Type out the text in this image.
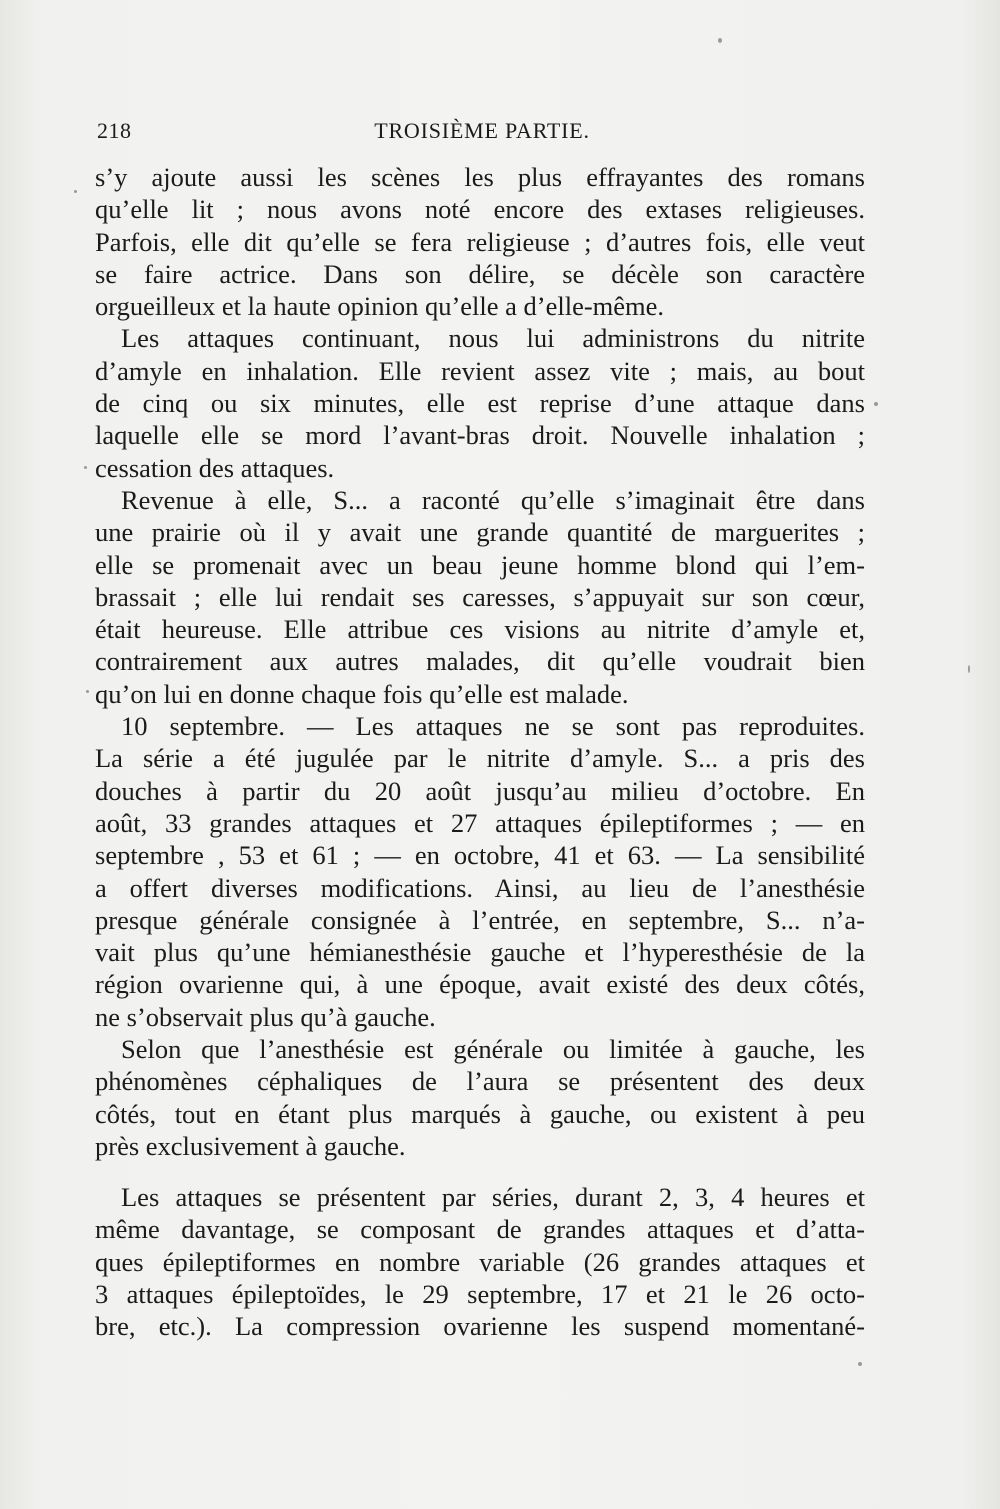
218	TROISIÈME PARTIE.
s’y ajoute aussi les scènes les plus effrayantes des romans
qu’elle lit ; nous avons noté encore des extases religieuses.
Parfois, elle dit qu’elle se fera religieuse ; d’autres fois, elle veut
se faire actrice. Dans son délire, se décèle son caractère
orgueilleux et la haute opinion qu’elle a d’elle-même.
Les attaques continuant, nous lui administrons du nitrite
d’amyle en inhalation. Elle revient assez vite ; mais, au bout
de cinq ou six minutes, elle est reprise d’une attaque dans
laquelle elle se mord l’avant-bras droit. Nouvelle inhalation ;
cessation des attaques.
Revenue à elle, S... a raconté qu’elle s’imaginait être dans
une prairie où il y avait une grande quantité de marguerites ;
elle se promenait avec un beau jeune homme blond qui l’em-
brassait ; elle lui rendait ses caresses, s’appuyait sur son cœur,
était heureuse. Elle attribue ces visions au nitrite d’amyle et,
contrairement aux autres malades, dit qu’elle voudrait bien
qu’on lui en donne chaque fois qu’elle est malade.
10 septembre. — Les attaques ne se sont pas reproduites.
La série a été jugulée par le nitrite d’amyle. S... a pris des
douches à partir du 20 août jusqu’au milieu d’octobre. En
août, 33 grandes attaques et 27 attaques épileptiformes ; — en
septembre , 53 et 61 ; — en octobre, 41 et 63. — La sensibilité
a offert diverses modifications. Ainsi, au lieu de l’anesthésie
presque générale consignée à l’entrée, en septembre, S... n’a-
vait plus qu’une hémianesthésie gauche et l’hyperesthésie de la
région ovarienne qui, à une époque, avait existé des deux côtés,
ne s’observait plus qu’à gauche.
Selon que l’anesthésie est générale ou limitée à gauche, les
phénomènes céphaliques de l’aura se présentent des deux
côtés, tout en étant plus marqués à gauche, ou existent à peu
près exclusivement à gauche.
Les attaques se présentent par séries, durant 2, 3, 4 heures et
même davantage, se composant de grandes attaques et d’atta-
ques épileptiformes en nombre variable (26 grandes attaques et
3 attaques épileptoïdes, le 29 septembre, 17 et 21 le 26 octo-
bre, etc.). La compression ovarienne les suspend momentané-
